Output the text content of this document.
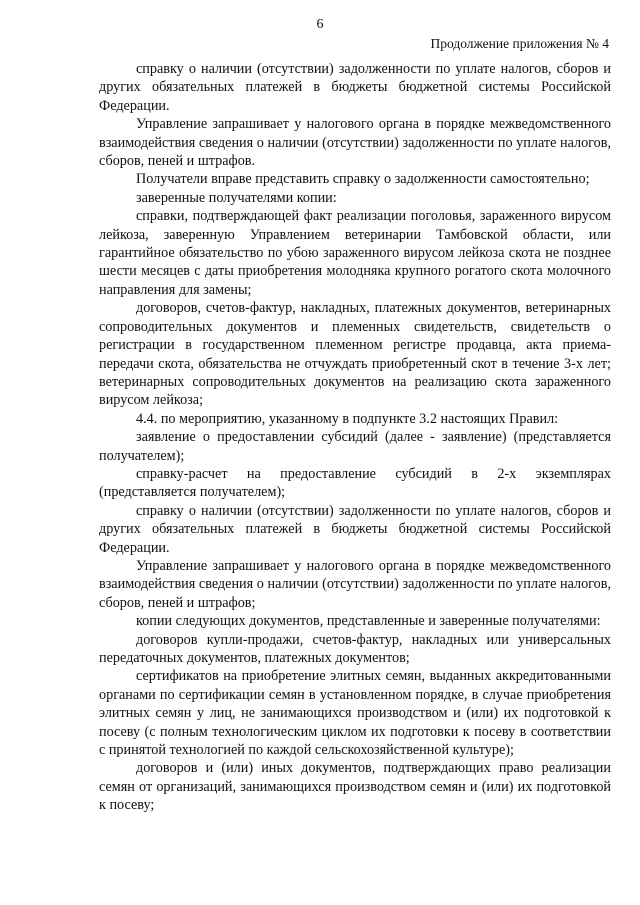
6
Продолжение приложения № 4

справку о наличии (отсутствии) задолженности по уплате налогов, сборов и других обязательных платежей в бюджеты бюджетной системы Российской Федерации.

Управление запрашивает у налогового органа в порядке межведомственного взаимодействия сведения о наличии (отсутствии) задолженности по уплате налогов, сборов, пеней и штрафов.

Получатели вправе представить справку о задолженности самостоятельно;

заверенные получателями копии:

справки, подтверждающей факт реализации поголовья, зараженного вирусом лейкоза, заверенную Управлением ветеринарии Тамбовской области, или гарантийное обязательство по убою зараженного вирусом лейкоза скота не позднее шести месяцев с даты приобретения молодняка крупного рогатого скота молочного направления для замены;

договоров, счетов-фактур, накладных, платежных документов, ветеринарных сопроводительных документов и племенных свидетельств, свидетельств о регистрации в государственном племенном регистре продавца, акта приема-передачи скота, обязательства не отчуждать приобретенный скот в течение 3-х лет; ветеринарных сопроводительных документов на реализацию скота зараженного вирусом лейкоза;

4.4. по мероприятию, указанному в подпункте 3.2 настоящих Правил:

заявление о предоставлении субсидий (далее - заявление) (представляется получателем);

справку-расчет на предоставление субсидий в 2-х экземплярах (представляется получателем);

справку о наличии (отсутствии) задолженности по уплате налогов, сборов и других обязательных платежей в бюджеты бюджетной системы Российской Федерации.

Управление запрашивает у налогового органа в порядке межведомственного взаимодействия сведения о наличии (отсутствии) задолженности по уплате налогов, сборов, пеней и штрафов;

копии следующих документов, представленные и заверенные получателями:

договоров купли-продажи, счетов-фактур, накладных или универсальных передаточных документов, платежных документов;

сертификатов на приобретение элитных семян, выданных аккредитованными органами по сертификации семян в установленном порядке, в случае приобретения элитных семян у лиц, не занимающихся производством и (или) их подготовкой к посеву (с полным технологическим циклом их подготовки к посеву в соответствии с принятой технологией по каждой сельскохозяйственной культуре);

договоров и (или) иных документов, подтверждающих право реализации семян от организаций, занимающихся производством семян и (или) их подготовкой к посеву;
